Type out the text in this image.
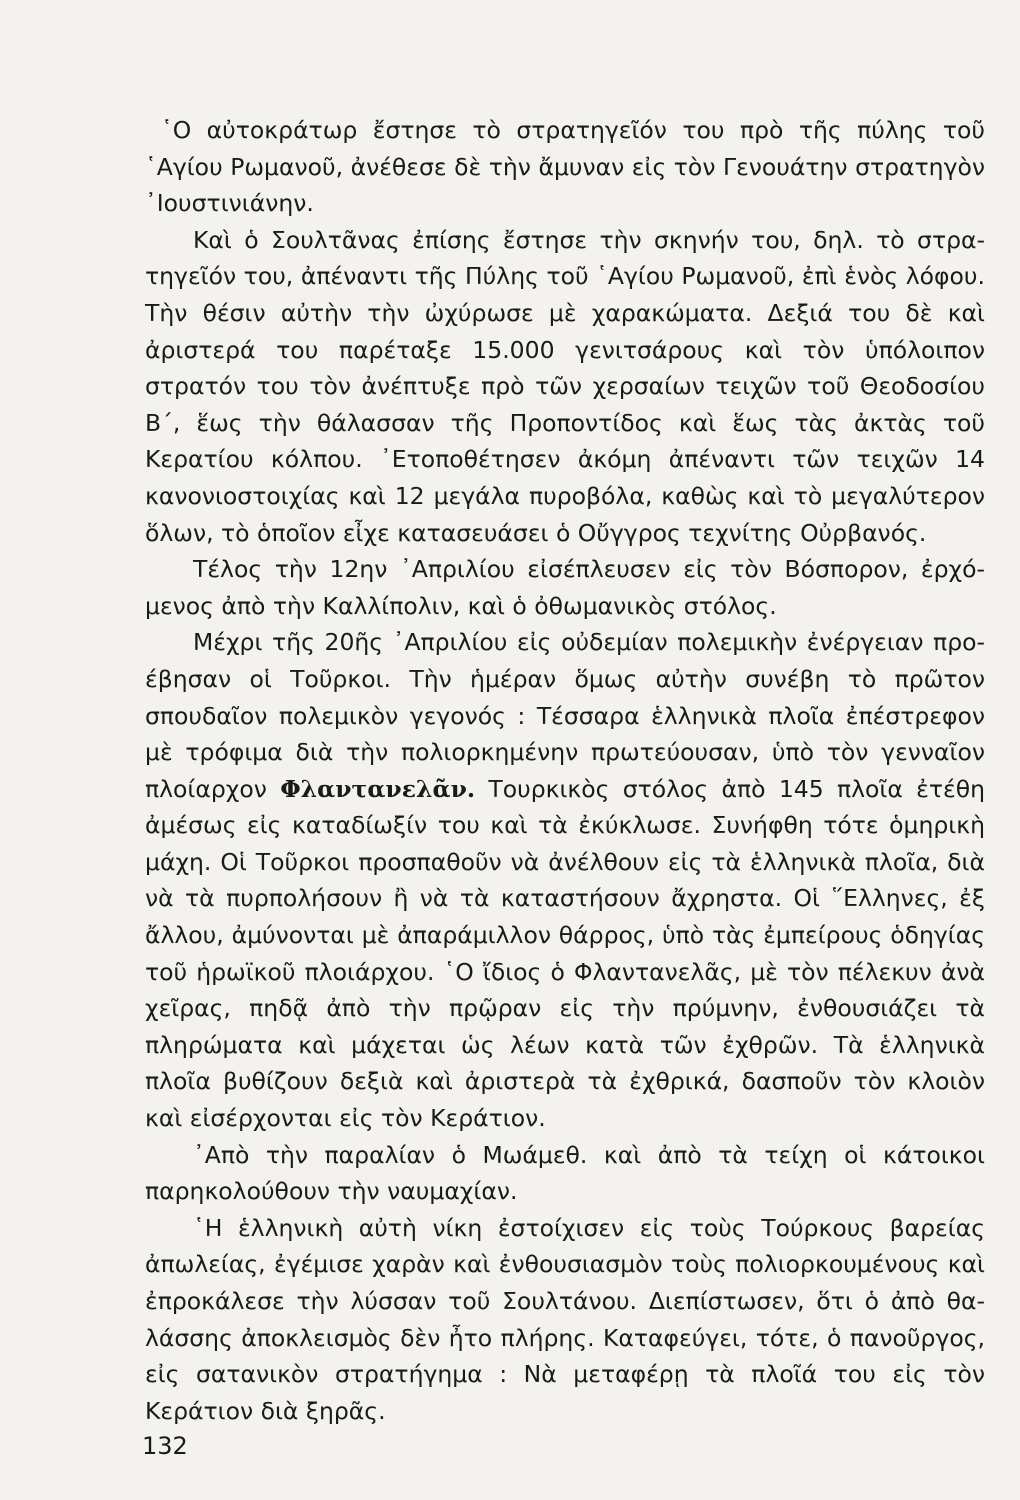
῾Ο αὐτοκράτωρ ἔστησε τὸ στρατηγεῖόν του πρὸ τῆς πύλης τοῦ ῾Αγίου Ρωμανοῦ, ἀνέθεσε δὲ τὴν ἄμυναν εἰς τὸν Γενουάτην στρατηγὸν ᾿Ιουστινιάνην.

Καὶ ὁ Σουλτᾶνας ἐπίσης ἔστησε τὴν σκηνήν του, δηλ. τὸ στρατηγεῖόν του, ἀπέναντι τῆς Πύλης τοῦ ῾Αγίου Ρωμανοῦ, ἐπὶ ἑνὸς λόφου. Τὴν θέσιν αὐτὴν τὴν ὠχύρωσε μὲ χαρακώματα. Δεξιά του δὲ καὶ ἀριστερά του παρέταξε 15.000 γενιτσάρους καὶ τὸν ὑπόλοιπον στρατόν του τὸν ἀνέπτυξε πρὸ τῶν χερσαίων τειχῶν τοῦ Θεοδοσίου Β΄, ἕως τὴν θάλασσαν τῆς Προποντίδος καὶ ἕως τὰς ἀκτὰς τοῦ Κερατίου κόλπου. ᾿Ετοποθέτησεν ἀκόμη ἀπέναντι τῶν τειχῶν 14 κανονιοστοιχίας καὶ 12 μεγάλα πυροβόλα, καθὼς καὶ τὸ μεγαλύτερον ὅλων, τὸ ὁποῖον εἶχε κατασευάσει ὁ Οὔγγρος τεχνίτης Οὐρβανός.

Τέλος τὴν 12ην ᾿Απριλίου εἰσέπλευσεν εἰς τὸν Βόσπορον, ἐρχόμενος ἀπὸ τὴν Καλλίπολιν, καὶ ὁ ὀθωμανικὸς στόλος.

Μέχρι τῆς 20ῆς ᾿Απριλίου εἰς οὐδεμίαν πολεμικὴν ἐνέργειαν προέβησαν οἱ Τοῦρκοι. Τὴν ἡμέραν ὅμως αὐτὴν συνέβη τὸ πρῶτον σπουδαῖον πολεμικὸν γεγονός : Τέσσαρα ἑλληνικὰ πλοῖα ἐπέστρεφον μὲ τρόφιμα διὰ τὴν πολιορκημένην πρωτεύουσαν, ὑπὸ τὸν γενναῖον πλοίαρχον Φλαντανελᾶν. Τουρκικὸς στόλος ἀπὸ 145 πλοῖα ἐτέθη ἀμέσως εἰς καταδίωξίν του καὶ τὰ ἐκύκλωσε. Συνήφθη τότε ὁμηρικὴ μάχη. Οἱ Τοῦρκοι προσπαθοῦν νὰ ἀνέλθουν εἰς τὰ ἑλληνικὰ πλοῖα, διὰ νὰ τὰ πυρπολήσουν ἢ νὰ τὰ καταστήσουν ἄχρηστα. Οἱ ῞Ελληνες, ἐξ ἄλλου, ἀμύνονται μὲ ἀπαράμιλλον θάρρος, ὑπὸ τὰς ἐμπείρους ὁδηγίας τοῦ ἡρωϊκοῦ πλοιάρχου. ῾Ο ἴδιος ὁ Φλαντανελᾶς, μὲ τὸν πέλεκυν ἀνὰ χεῖρας, πηδᾷ ἀπὸ τὴν πρῷραν εἰς τὴν πρύμνην, ἐνθουσιάζει τὰ πληρώματα καὶ μάχεται ὡς λέων κατὰ τῶν ἐχθρῶν. Τὰ ἑλληνικὰ πλοῖα βυθίζουν δεξιὰ καὶ ἀριστερὰ τὰ ἐχθρικά, δασποῦν τὸν κλοιὸν καὶ εἰσέρχονται εἰς τὸν Κεράτιον.

᾿Απὸ τὴν παραλίαν ὁ Μωάμεθ. καὶ ἀπὸ τὰ τείχη οἱ κάτοικοι παρηκολούθουν τὴν ναυμαχίαν.

῾Η ἑλληνικὴ αὐτὴ νίκη ἐστοίχισεν εἰς τοὺς Τούρκους βαρείας ἀπωλείας, ἐγέμισε χαρὰν καὶ ἐνθουσιασμὸν τοὺς πολιορκουμένους καὶ ἐπροκάλεσε τὴν λύσσαν τοῦ Σουλτάνου. Διεπίστωσεν, ὅτι ὁ ἀπὸ θαλάσσης ἀποκλεισμὸς δὲν ἦτο πλήρης. Καταφεύγει, τότε, ὁ πανοῦργος, εἰς σατανικὸν στρατήγημα : Νὰ μεταφέρῃ τὰ πλοῖά του εἰς τὸν Κεράτιον διὰ ξηρᾶς.

132
